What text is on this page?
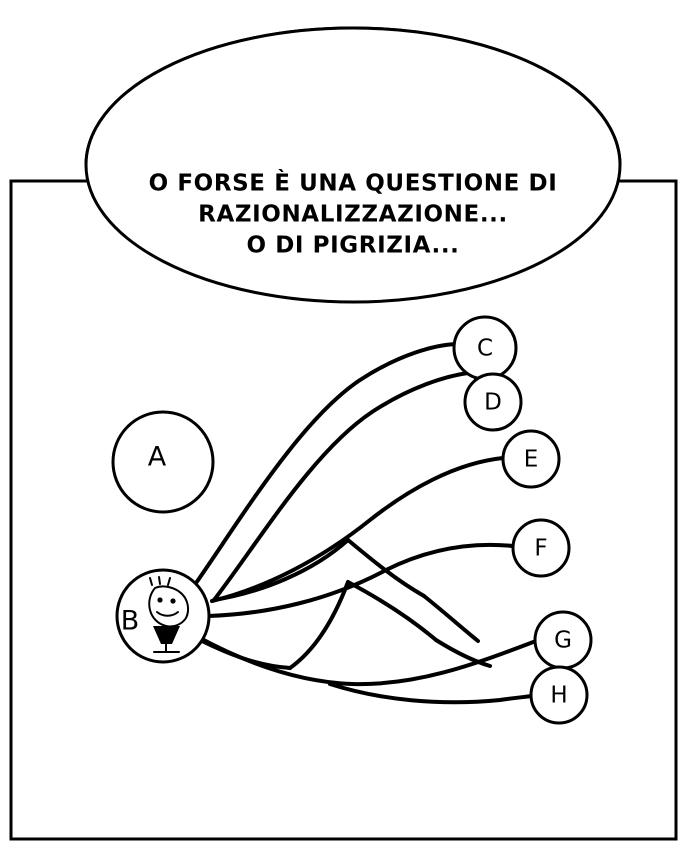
O FORSE È UNA QUESTIONE DI
RAZIONALIZZAZIONE...
O DI PIGRIZIA...
A
B
C
D
E
F
G
H
